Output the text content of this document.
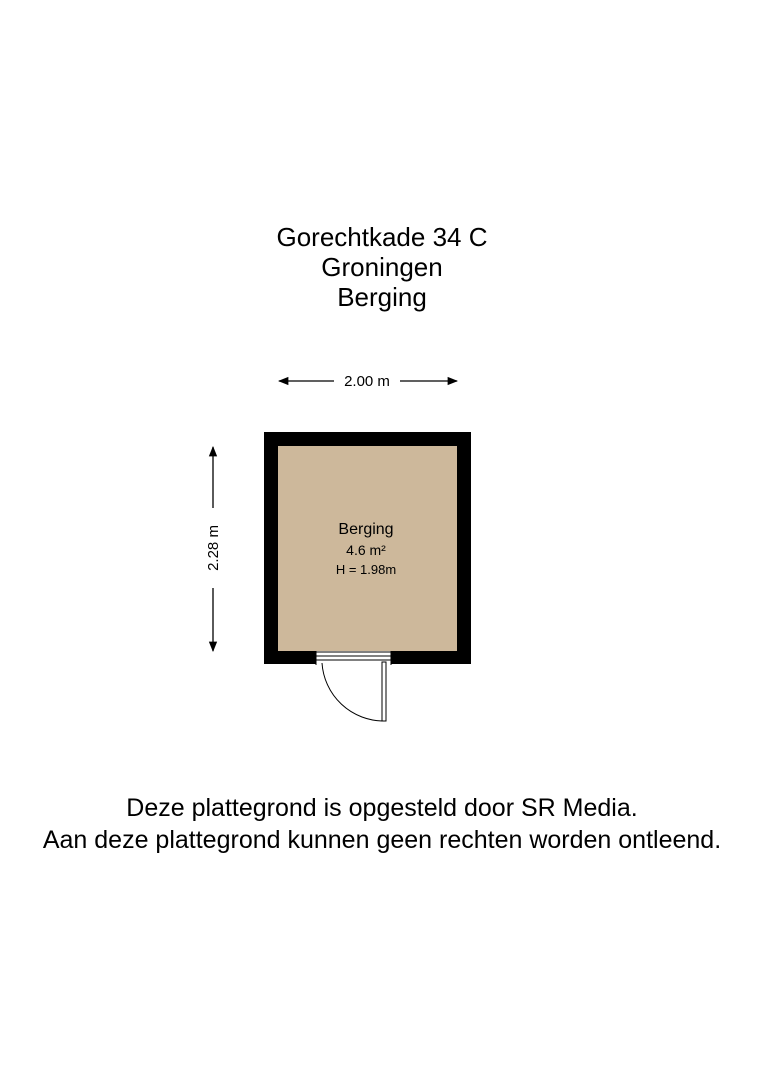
Gorechtkade 34 C
Groningen
Berging
2.00 m
2.28 m	Berging
4.6 m²
H = 1.98m
Deze plattegrond is opgesteld door SR Media.
Aan deze plattegrond kunnen geen rechten worden ontleend.
